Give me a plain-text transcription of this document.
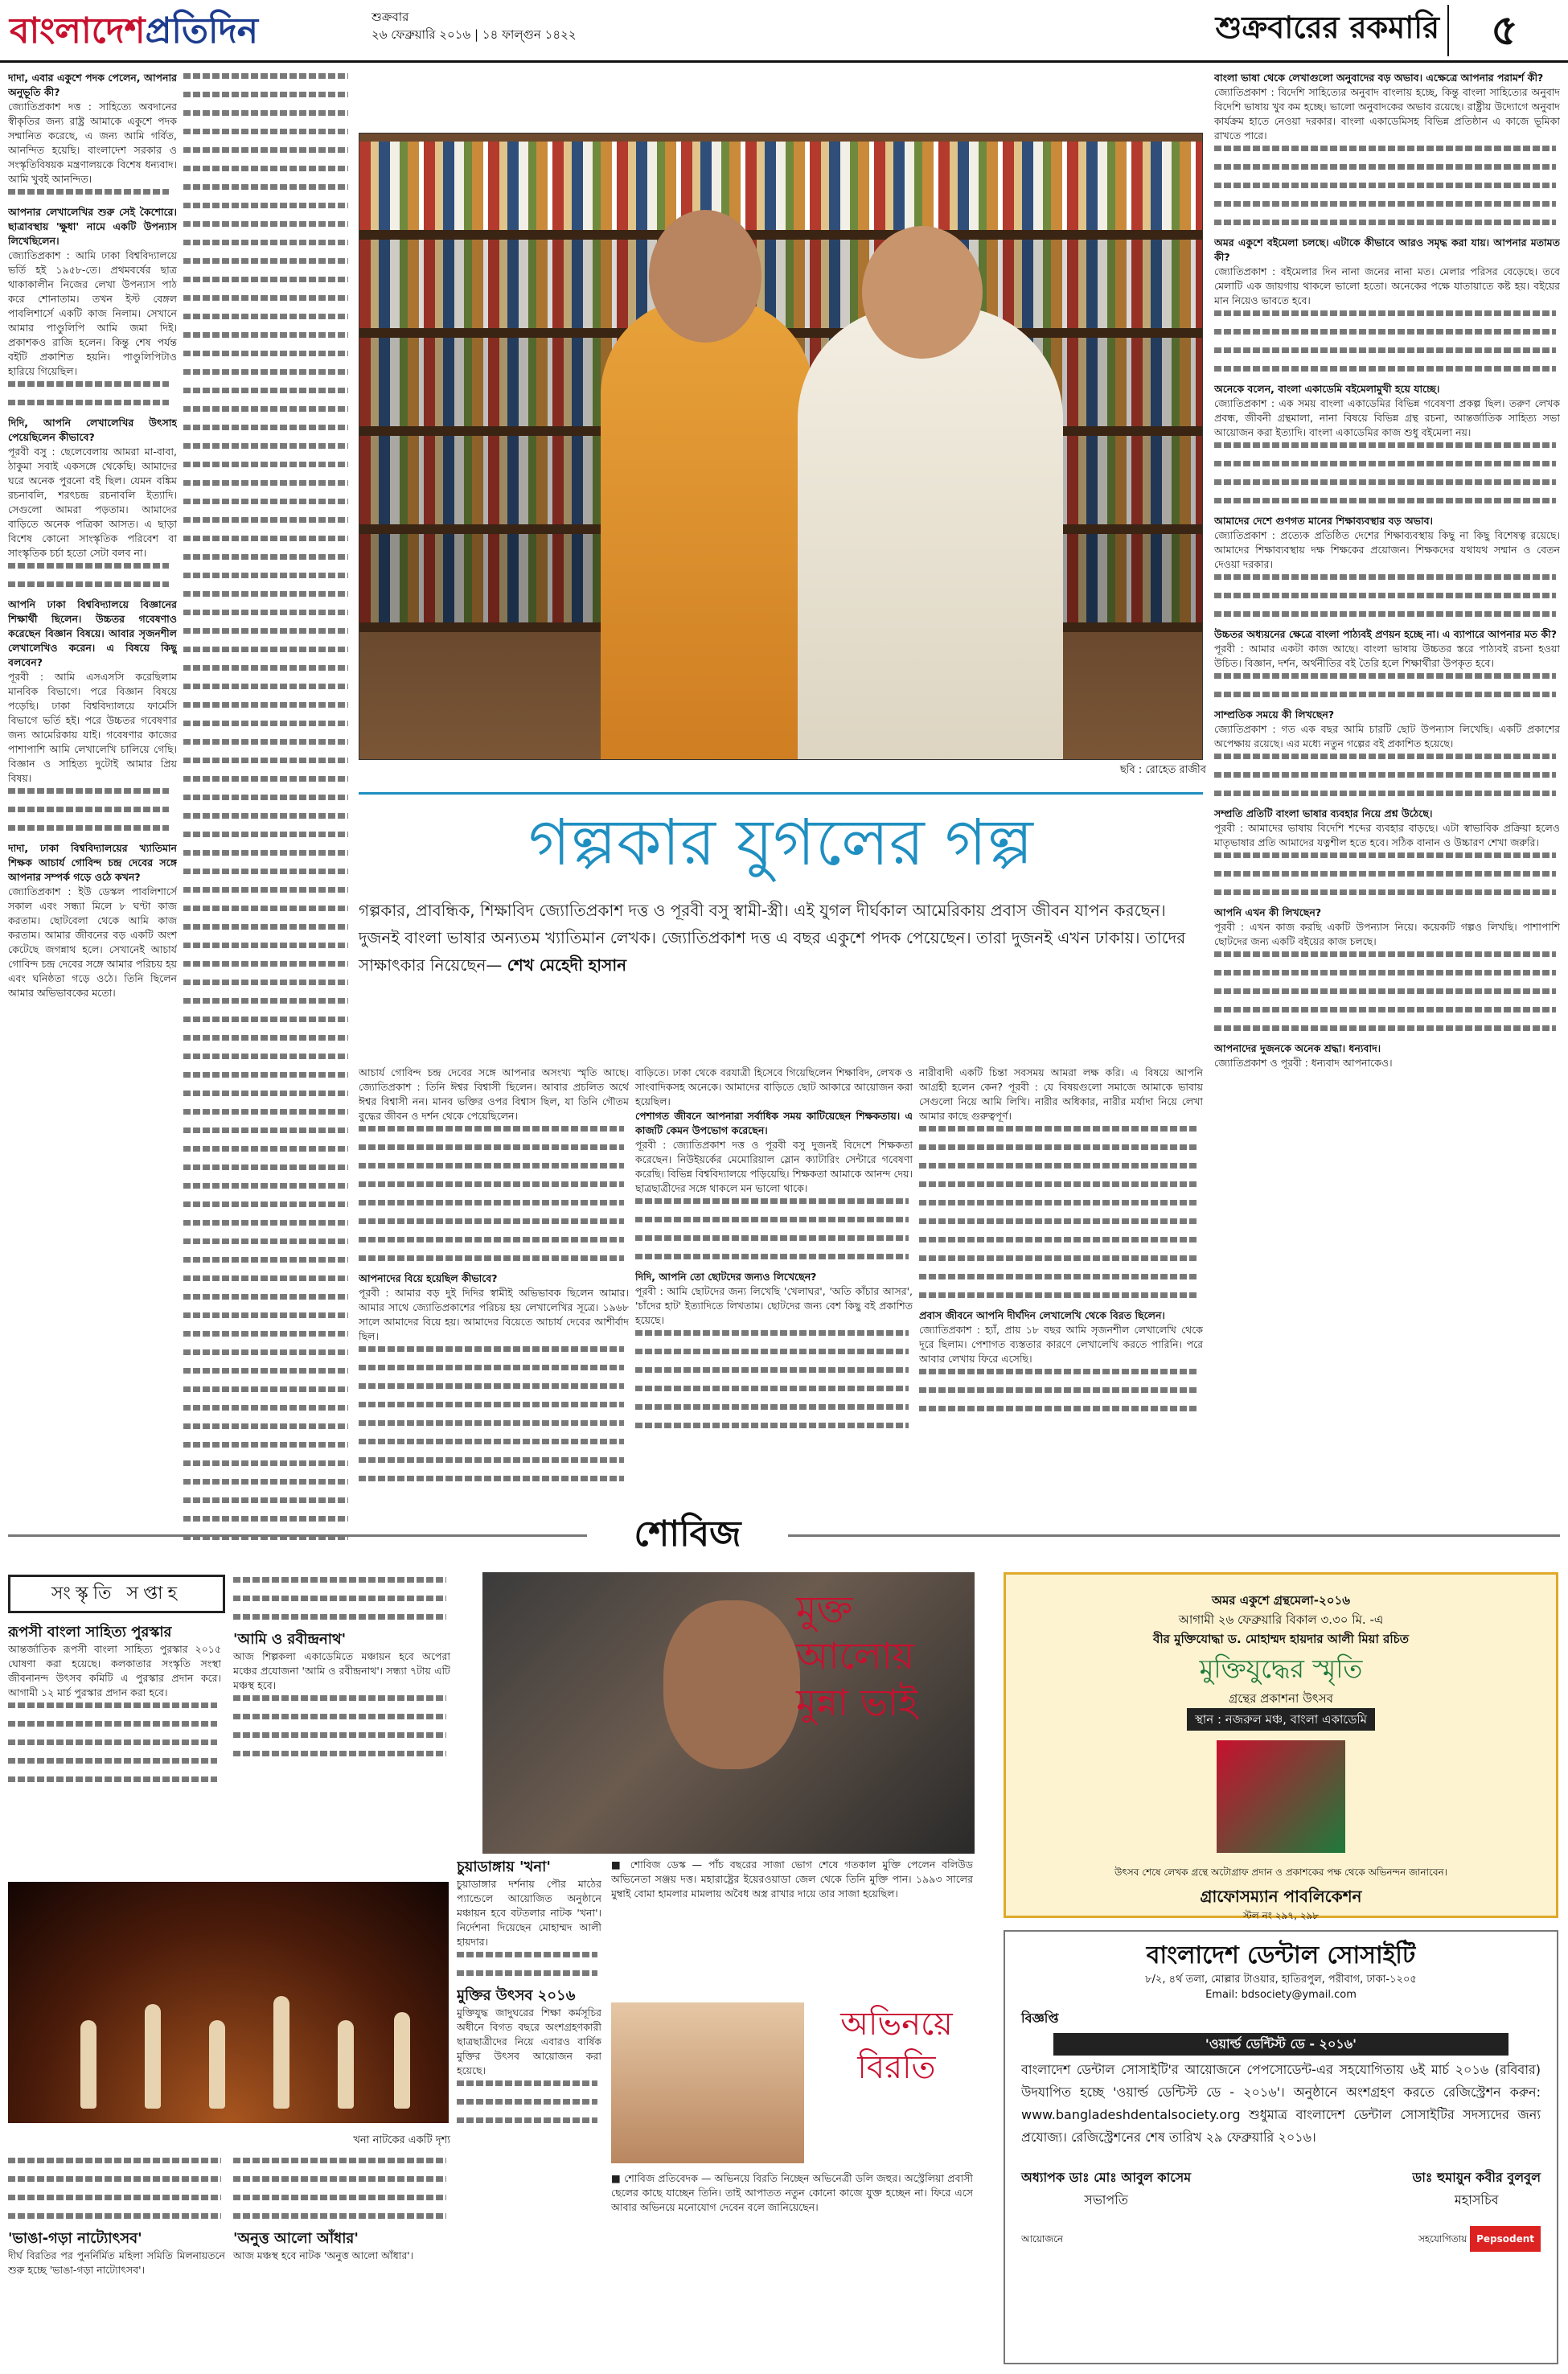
বাংলাদেশপ্রতিদিন	শুক্রবার
২৬ ফেব্রুয়ারি ২০১৬ | ১৪ ফাল্গুন ১৪২২	শুক্রবারের রকমারি	৫

দাদা, এবার একুশে পদক পেলেন, আপনার অনুভূতি কী?

জ্যোতিপ্রকাশ দত্ত : সাহিত্যে অবদানের স্বীকৃতির জন্য রাষ্ট্র আমাকে একুশে পদক সম্মানিত করেছে, এ জন্য আমি গর্বিত, আনন্দিত হয়েছি। বাংলাদেশ সরকার ও সংস্কৃতিবিষয়ক মন্ত্রণালয়কে বিশেষ ধন্যবাদ। আমি খুবই আনন্দিত।

আপনার লেখালেখির শুরু সেই কৈশোরে। ছাত্রাবস্থায় 'ক্ষুধা' নামে একটি উপন্যাস লিখেছিলেন।

জ্যোতিপ্রকাশ : আমি ঢাকা বিশ্ববিদ্যালয়ে ভর্তি হই ১৯৫৮-তে। প্রথমবর্ষের ছাত্র থাকাকালীন নিজের লেখা উপন্যাস পাঠ করে শোনাতাম। তখন ইস্ট বেঙ্গল পাবলিশার্সে একটি কাজ নিলাম। সেখানে আমার পাণ্ডুলিপি আমি জমা দিই। প্রকাশকও রাজি হলেন। কিন্তু শেষ পর্যন্ত বইটি প্রকাশিত হয়নি। পাণ্ডুলিপিটাও হারিয়ে গিয়েছিল।

দিদি, আপনি লেখালেখির উৎসাহ পেয়েছিলেন কীভাবে?

পূরবী বসু : ছেলেবেলায় আমরা মা-বাবা, ঠাকুমা সবাই একসঙ্গে থেকেছি। আমাদের ঘরে অনেক পুরনো বই ছিল। যেমন বঙ্কিম রচনাবলি, শরৎচন্দ্র রচনাবলি ইত্যাদি। সেগুলো আমরা পড়তাম। আমাদের বাড়িতে অনেক পত্রিকা আসত। এ ছাড়া বিশেষ কোনো সাংস্কৃতিক পরিবেশ বা সাংস্কৃতিক চর্চা হতো সেটা বলব না।

আপনি ঢাকা বিশ্ববিদ্যালয়ে বিজ্ঞানের শিক্ষার্থী ছিলেন। উচ্চতর গবেষণাও করেছেন বিজ্ঞান বিষয়ে। আবার সৃজনশীল লেখালেখিও করেন। এ বিষয়ে কিছু বলবেন?

পূরবী : আমি এসএসসি করেছিলাম মানবিক বিভাগে। পরে বিজ্ঞান বিষয়ে পড়েছি। ঢাকা বিশ্ববিদ্যালয়ে ফার্মেসি বিভাগে ভর্তি হই। পরে উচ্চতর গবেষণার জন্য আমেরিকায় যাই। গবেষণার কাজের পাশাপাশি আমি লেখালেখি চালিয়ে গেছি। বিজ্ঞান ও সাহিত্য দুটোই আমার প্রিয় বিষয়।

দাদা, ঢাকা বিশ্ববিদ্যালয়ের খ্যাতিমান শিক্ষক আচার্য গোবিন্দ চন্দ্র দেবের সঙ্গে আপনার সম্পর্ক গড়ে ওঠে কখন?

জ্যোতিপ্রকাশ : ইউ ডেস্কল পাবলিশার্সে সকাল এবং সন্ধ্যা মিলে ৮ ঘণ্টা কাজ করতাম। ছোটবেলা থেকে আমি কাজ করতাম। আমার জীবনের বড় একটি অংশ কেটেছে জগন্নাথ হলে। সেখানেই আচার্য গোবিন্দ চন্দ্র দেবের সঙ্গে আমার পরিচয় হয় এবং ঘনিষ্ঠতা গড়ে ওঠে। তিনি ছিলেন আমার অভিভাবকের মতো।

ছবি : রোহেত রাজীব
গল্পকার যুগলের গল্প
গল্পকার, প্রাবন্ধিক, শিক্ষাবিদ জ্যোতিপ্রকাশ দত্ত ও পূরবী বসু স্বামী-স্ত্রী। এই যুগল দীর্ঘকাল আমেরিকায় প্রবাস জীবন যাপন করছেন। দুজনই বাংলা ভাষার অন্যতম খ্যাতিমান লেখক। জ্যোতিপ্রকাশ দত্ত এ বছর একুশে পদক পেয়েছেন। তারা দুজনই এখন ঢাকায়। তাদের সাক্ষাৎকার নিয়েছেন— শেখ মেহেদী হাসান

আচার্য গোবিন্দ চন্দ্র দেবের সঙ্গে আপনার অসংখ্য স্মৃতি আছে। জ্যোতিপ্রকাশ : তিনি ঈশ্বর বিশ্বাসী ছিলেন। আবার প্রচলিত অর্থে ঈশ্বর বিশ্বাসী নন। মানব ভক্তির ওপর বিশ্বাস ছিল, যা তিনি গৌতম বুদ্ধের জীবন ও দর্শন থেকে পেয়েছিলেন।

আপনাদের বিয়ে হয়েছিল কীভাবে?

পূরবী : আমার বড় দুই দিদির স্বামীই অভিভাবক ছিলেন আমার। আমার সাথে জ্যোতিপ্রকাশের পরিচয় হয় লেখালেখির সূত্রে। ১৯৬৮ সালে আমাদের বিয়ে হয়। আমাদের বিয়েতে আচার্য দেবের আশীর্বাদ ছিল।

বাড়িতে। ঢাকা থেকে বরযাত্রী হিসেবে গিয়েছিলেন শিক্ষাবিদ, লেখক ও সাংবাদিকসহ অনেকে। আমাদের বাড়িতে ছোট আকারে আয়োজন করা হয়েছিল।

পেশাগত জীবনে আপনারা সর্বাধিক সময় কাটিয়েছেন শিক্ষকতায়। এ কাজটি কেমন উপভোগ করেছেন।

পূরবী : জ্যোতিপ্রকাশ দত্ত ও পূরবী বসু দুজনই বিদেশে শিক্ষকতা করেছেন। নিউইয়র্কের মেমোরিয়াল স্লোন ক্যাটারিং সেন্টারে গবেষণা করেছি। বিভিন্ন বিশ্ববিদ্যালয়ে পড়িয়েছি। শিক্ষকতা আমাকে আনন্দ দেয়। ছাত্রছাত্রীদের সঙ্গে থাকলে মন ভালো থাকে।

দিদি, আপনি তো ছোটদের জন্যও লিখেছেন?

পূরবী : আমি ছোটদের জন্য লিখেছি 'খেলাঘর', 'অতি কাঁচার আসর', 'চাঁদের হাট' ইত্যাদিতে লিখতাম। ছোটদের জন্য বেশ কিছু বই প্রকাশিত হয়েছে।

নারীবাদী একটি চিন্তা সবসময় আমরা লক্ষ করি। এ বিষয়ে আপনি আগ্রহী হলেন কেন? পূরবী : যে বিষয়গুলো সমাজে আমাকে ভাবায় সেগুলো নিয়ে আমি লিখি। নারীর অধিকার, নারীর মর্যাদা নিয়ে লেখা আমার কাছে গুরুত্বপূর্ণ।

প্রবাস জীবনে আপনি দীর্ঘদিন লেখালেখি থেকে বিরত ছিলেন।

জ্যোতিপ্রকাশ : হ্যাঁ, প্রায় ১৮ বছর আমি সৃজনশীল লেখালেখি থেকে দূরে ছিলাম। পেশাগত ব্যস্ততার কারণে লেখালেখি করতে পারিনি। পরে আবার লেখায় ফিরে এসেছি।

বাংলা ভাষা থেকে লেখাগুলো অনুবাদের বড় অভাব। এক্ষেত্রে আপনার পরামর্শ কী?

জ্যোতিপ্রকাশ : বিদেশি সাহিত্যের অনুবাদ বাংলায় হচ্ছে, কিন্তু বাংলা সাহিত্যের অনুবাদ বিদেশি ভাষায় খুব কম হচ্ছে। ভালো অনুবাদকের অভাব রয়েছে। রাষ্ট্রীয় উদ্যোগে অনুবাদ কার্যক্রম হাতে নেওয়া দরকার। বাংলা একাডেমিসহ বিভিন্ন প্রতিষ্ঠান এ কাজে ভূমিকা রাখতে পারে।

অমর একুশে বইমেলা চলছে। এটাকে কীভাবে আরও সমৃদ্ধ করা যায়। আপনার মতামত কী?

জ্যোতিপ্রকাশ : বইমেলার দিন নানা জনের নানা মত। মেলার পরিসর বেড়েছে। তবে মেলাটি এক জায়গায় থাকলে ভালো হতো। অনেকের পক্ষে যাতায়াতে কষ্ট হয়। বইয়ের মান নিয়েও ভাবতে হবে।

অনেকে বলেন, বাংলা একাডেমি বইমেলামুখী হয়ে যাচ্ছে।

জ্যোতিপ্রকাশ : এক সময় বাংলা একাডেমির বিভিন্ন গবেষণা প্রকল্প ছিল। তরুণ লেখক প্রবন্ধ, জীবনী গ্রন্থমালা, নানা বিষয়ে বিভিন্ন গ্রন্থ রচনা, আন্তর্জাতিক সাহিত্য সভা আয়োজন করা ইত্যাদি। বাংলা একাডেমির কাজ শুধু বইমেলা নয়।

আমাদের দেশে গুণগত মানের শিক্ষাব্যবস্থার বড় অভাব।

জ্যোতিপ্রকাশ : প্রত্যেক প্রতিষ্ঠিত দেশের শিক্ষাব্যবস্থায় কিছু না কিছু বিশেষত্ব রয়েছে। আমাদের শিক্ষাব্যবস্থায় দক্ষ শিক্ষকের প্রয়োজন। শিক্ষকদের যথাযথ সম্মান ও বেতন দেওয়া দরকার।

উচ্চতর অধ্যয়নের ক্ষেত্রে বাংলা পাঠ্যবই প্রণয়ন হচ্ছে না। এ ব্যাপারে আপনার মত কী?

পূরবী : আমার একটা কাজ আছে। বাংলা ভাষায় উচ্চতর স্তরে পাঠ্যবই রচনা হওয়া উচিত। বিজ্ঞান, দর্শন, অর্থনীতির বই তৈরি হলে শিক্ষার্থীরা উপকৃত হবে।

সাম্প্রতিক সময়ে কী লিখছেন?

জ্যোতিপ্রকাশ : গত এক বছর আমি চারটি ছোট উপন্যাস লিখেছি। একটি প্রকাশের অপেক্ষায় রয়েছে। এর মধ্যে নতুন গল্পের বই প্রকাশিত হয়েছে।

সম্প্রতি প্রতিটি বাংলা ভাষার ব্যবহার নিয়ে প্রশ্ন উঠেছে।

পূরবী : আমাদের ভাষায় বিদেশি শব্দের ব্যবহার বাড়ছে। এটা স্বাভাবিক প্রক্রিয়া হলেও মাতৃভাষার প্রতি আমাদের যত্নশীল হতে হবে। সঠিক বানান ও উচ্চারণ শেখা জরুরি।

আপনি এখন কী লিখছেন?

পূরবী : এখন কাজ করছি একটি উপন্যাস নিয়ে। কয়েকটি গল্পও লিখছি। পাশাপাশি ছোটদের জন্য একটি বইয়ের কাজ চলছে।

আপনাদের দুজনকে অনেক শ্রদ্ধা। ধন্যবাদ।

জ্যোতিপ্রকাশ ও পূরবী : ধন্যবাদ আপনাকেও।

শোবিজ
সংস্কৃতি সপ্তাহ

রূপসী বাংলা সাহিত্য পুরস্কার

আন্তর্জাতিক রূপসী বাংলা সাহিত্য পুরস্কার ২০১৫ ঘোষণা করা হয়েছে। কলকাতার সংস্কৃতি সংস্থা জীবনানন্দ উৎসব কমিটি এ পুরস্কার প্রদান করে। আগামী ১২ মার্চ পুরস্কার প্রদান করা হবে।

'আমি ও রবীন্দ্রনাথ'

আজ শিল্পকলা একাডেমিতে মঞ্চায়ন হবে অপেরা মঞ্চের প্রযোজনা 'আমি ও রবীন্দ্রনাথ'। সন্ধ্যা ৭টায় এটি মঞ্চস্থ হবে।

খনা নাটকের একটি দৃশ্য

'ভাঙা-গড়া নাট্যোৎসব'

দীর্ঘ বিরতির পর পুনর্নির্মিত মহিলা সমিতি মিলনায়তনে শুরু হচ্ছে 'ভাঙা-গড়া নাট্যোৎসব'।

'অনুত্ত আলো আঁধার'

আজ মঞ্চস্থ হবে নাটক 'অনুত্ত আলো আঁধার'।

চুয়াডাঙ্গায় 'খনা'

চুয়াডাঙ্গার দর্শনায় পৌর মাঠের প্যান্ডেলে আয়োজিত অনুষ্ঠানে মঞ্চায়ন হবে বটতলার নাটক 'খনা'। নির্দেশনা দিয়েছেন মোহাম্মদ আলী হায়দার।

মুক্তির উৎসব ২০১৬

মুক্তিযুদ্ধ জাদুঘরের শিক্ষা কর্মসূচির অধীনে বিগত বছরে অংশগ্রহণকারী ছাত্রছাত্রীদের নিয়ে এবারও বার্ষিক মুক্তির উৎসব আয়োজন করা হয়েছে।

মুক্ত আলোয় মুন্না ভাই
■ শোবিজ ডেস্ক — পাঁচ বছরের সাজা ভোগ শেষে গতকাল মুক্তি পেলেন বলিউড অভিনেতা সঞ্জয় দত্ত। মহারাষ্ট্রের ইয়েরওয়াডা জেল থেকে তিনি মুক্তি পান। ১৯৯৩ সালের মুম্বাই বোমা হামলার মামলায় অবৈধ অস্ত্র রাখার দায়ে তার সাজা হয়েছিল।
অভিনয়ে বিরতি
■ শোবিজ প্রতিবেদক — অভিনয়ে বিরতি নিচ্ছেন অভিনেত্রী ডলি জহুর। অস্ট্রেলিয়া প্রবাসী ছেলের কাছে যাচ্ছেন তিনি। তাই আপাতত নতুন কোনো কাজে যুক্ত হচ্ছেন না। ফিরে এসে আবার অভিনয়ে মনোযোগ দেবেন বলে জানিয়েছেন।
অমর একুশে গ্রন্থমেলা-২০১৬
আগামী ২৬ ফেব্রুয়ারি বিকাল ৩.৩০ মি. -এ
বীর মুক্তিযোদ্ধা ড. মোহাম্মদ হায়দার আলী মিয়া রচিত
মুক্তিযুদ্ধের স্মৃতি
গ্রন্থের প্রকাশনা উৎসব
স্থান : নজরুল মঞ্চ, বাংলা একাডেমি
উৎসব শেষে লেখক গ্রন্থে অটোগ্রাফ প্রদান ও প্রকাশকের পক্ষ থেকে অভিনন্দন জানাবেন।
গ্রাফোসম্যান পাবলিকেশন
স্টল নং ২৯৭, ২৯৮
বাংলাদেশ ডেন্টাল সোসাইটি
৮/২, ৪র্থ তলা, মোল্লার টাওয়ার, হাতিরপুল, পরীবাগ, ঢাকা-১২০৫
Email: bdsociety@ymail.com
বিজ্ঞপ্তি
'ওয়ার্ল্ড ডেন্টিস্ট ডে - ২০১৬'
বাংলাদেশ ডেন্টাল সোসাইটি'র আয়োজনে পেপসোডেন্ট-এর সহযোগিতায় ৬ই মার্চ ২০১৬ (রবিবার) উদযাপিত হচ্ছে 'ওয়ার্ল্ড ডেন্টিস্ট ডে - ২০১৬'। অনুষ্ঠানে অংশগ্রহণ করতে রেজিস্ট্রেশন করুন: www.bangladeshdentalsociety.org শুধুমাত্র বাংলাদেশ ডেন্টাল সোসাইটির সদস্যদের জন্য প্রযোজ্য। রেজিস্ট্রেশনের শেষ তারিখ ২৯ ফেব্রুয়ারি ২০১৬।
অধ্যাপক ডাঃ মোঃ আবুল কাসেম
সভাপতি
ডাঃ হুমায়ুন কবীর বুলবুল
মহাসচিব
আয়োজনে	সহযোগিতায় Pepsodent
